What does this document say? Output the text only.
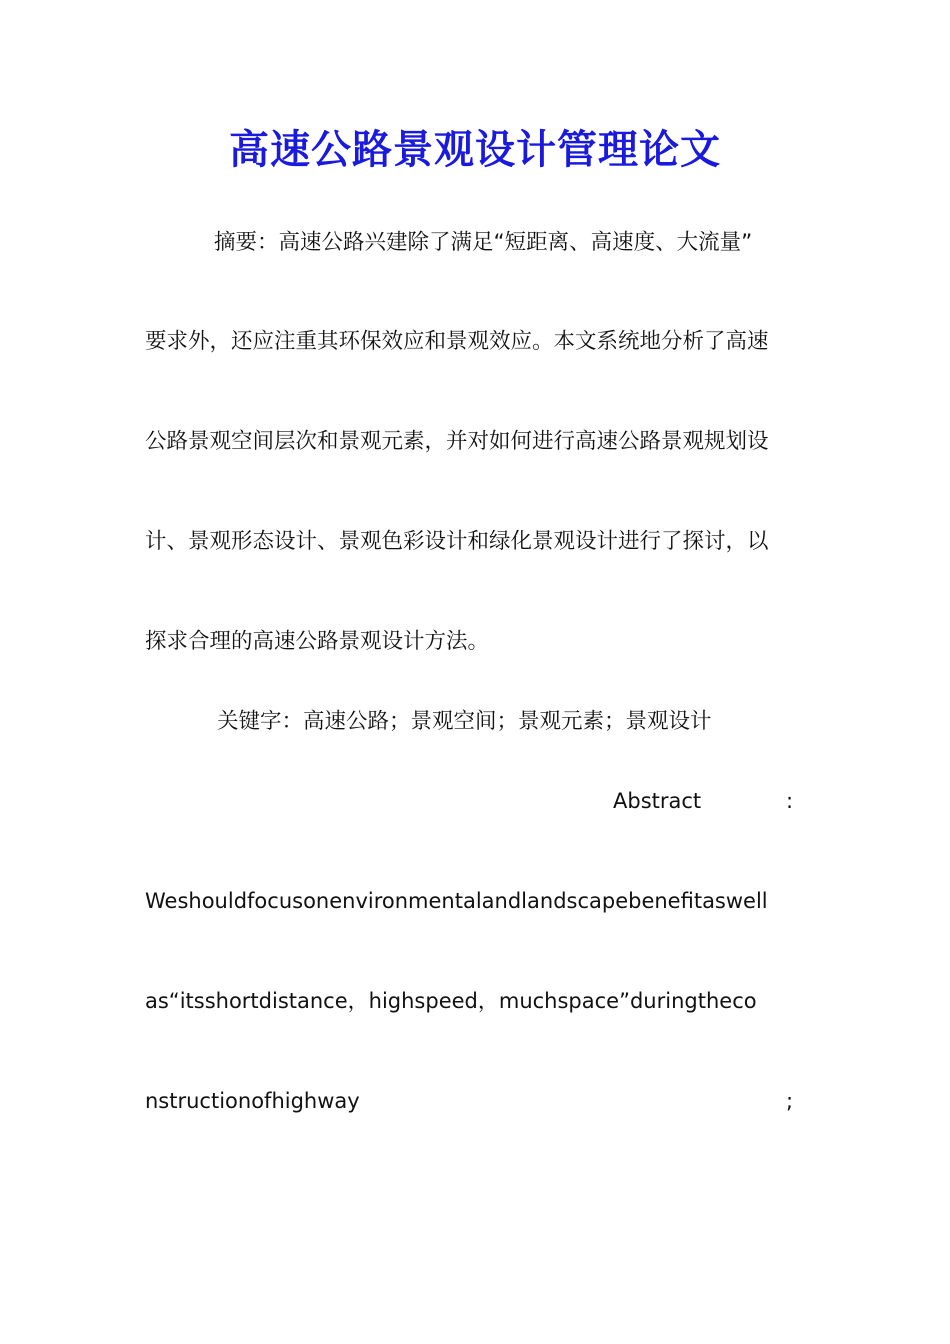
高速公路景观设计管理论文
摘要：高速公路兴建除了满足“短距离、高速度、大流量”
要求外，还应注重其环保效应和景观效应。本文系统地分析了高速
公路景观空间层次和景观元素，并对如何进行高速公路景观规划设
计、景观形态设计、景观色彩设计和绿化景观设计进行了探讨，以
探求合理的高速公路景观设计方法。
关键字：高速公路；景观空间；景观元素；景观设计
Abstract	:
Weshouldfocusonenvironmentalandlandscapebenefitaswell
as“itsshortdistance，highspeed，muchspace”duringtheco
nstructionofhighway	;
